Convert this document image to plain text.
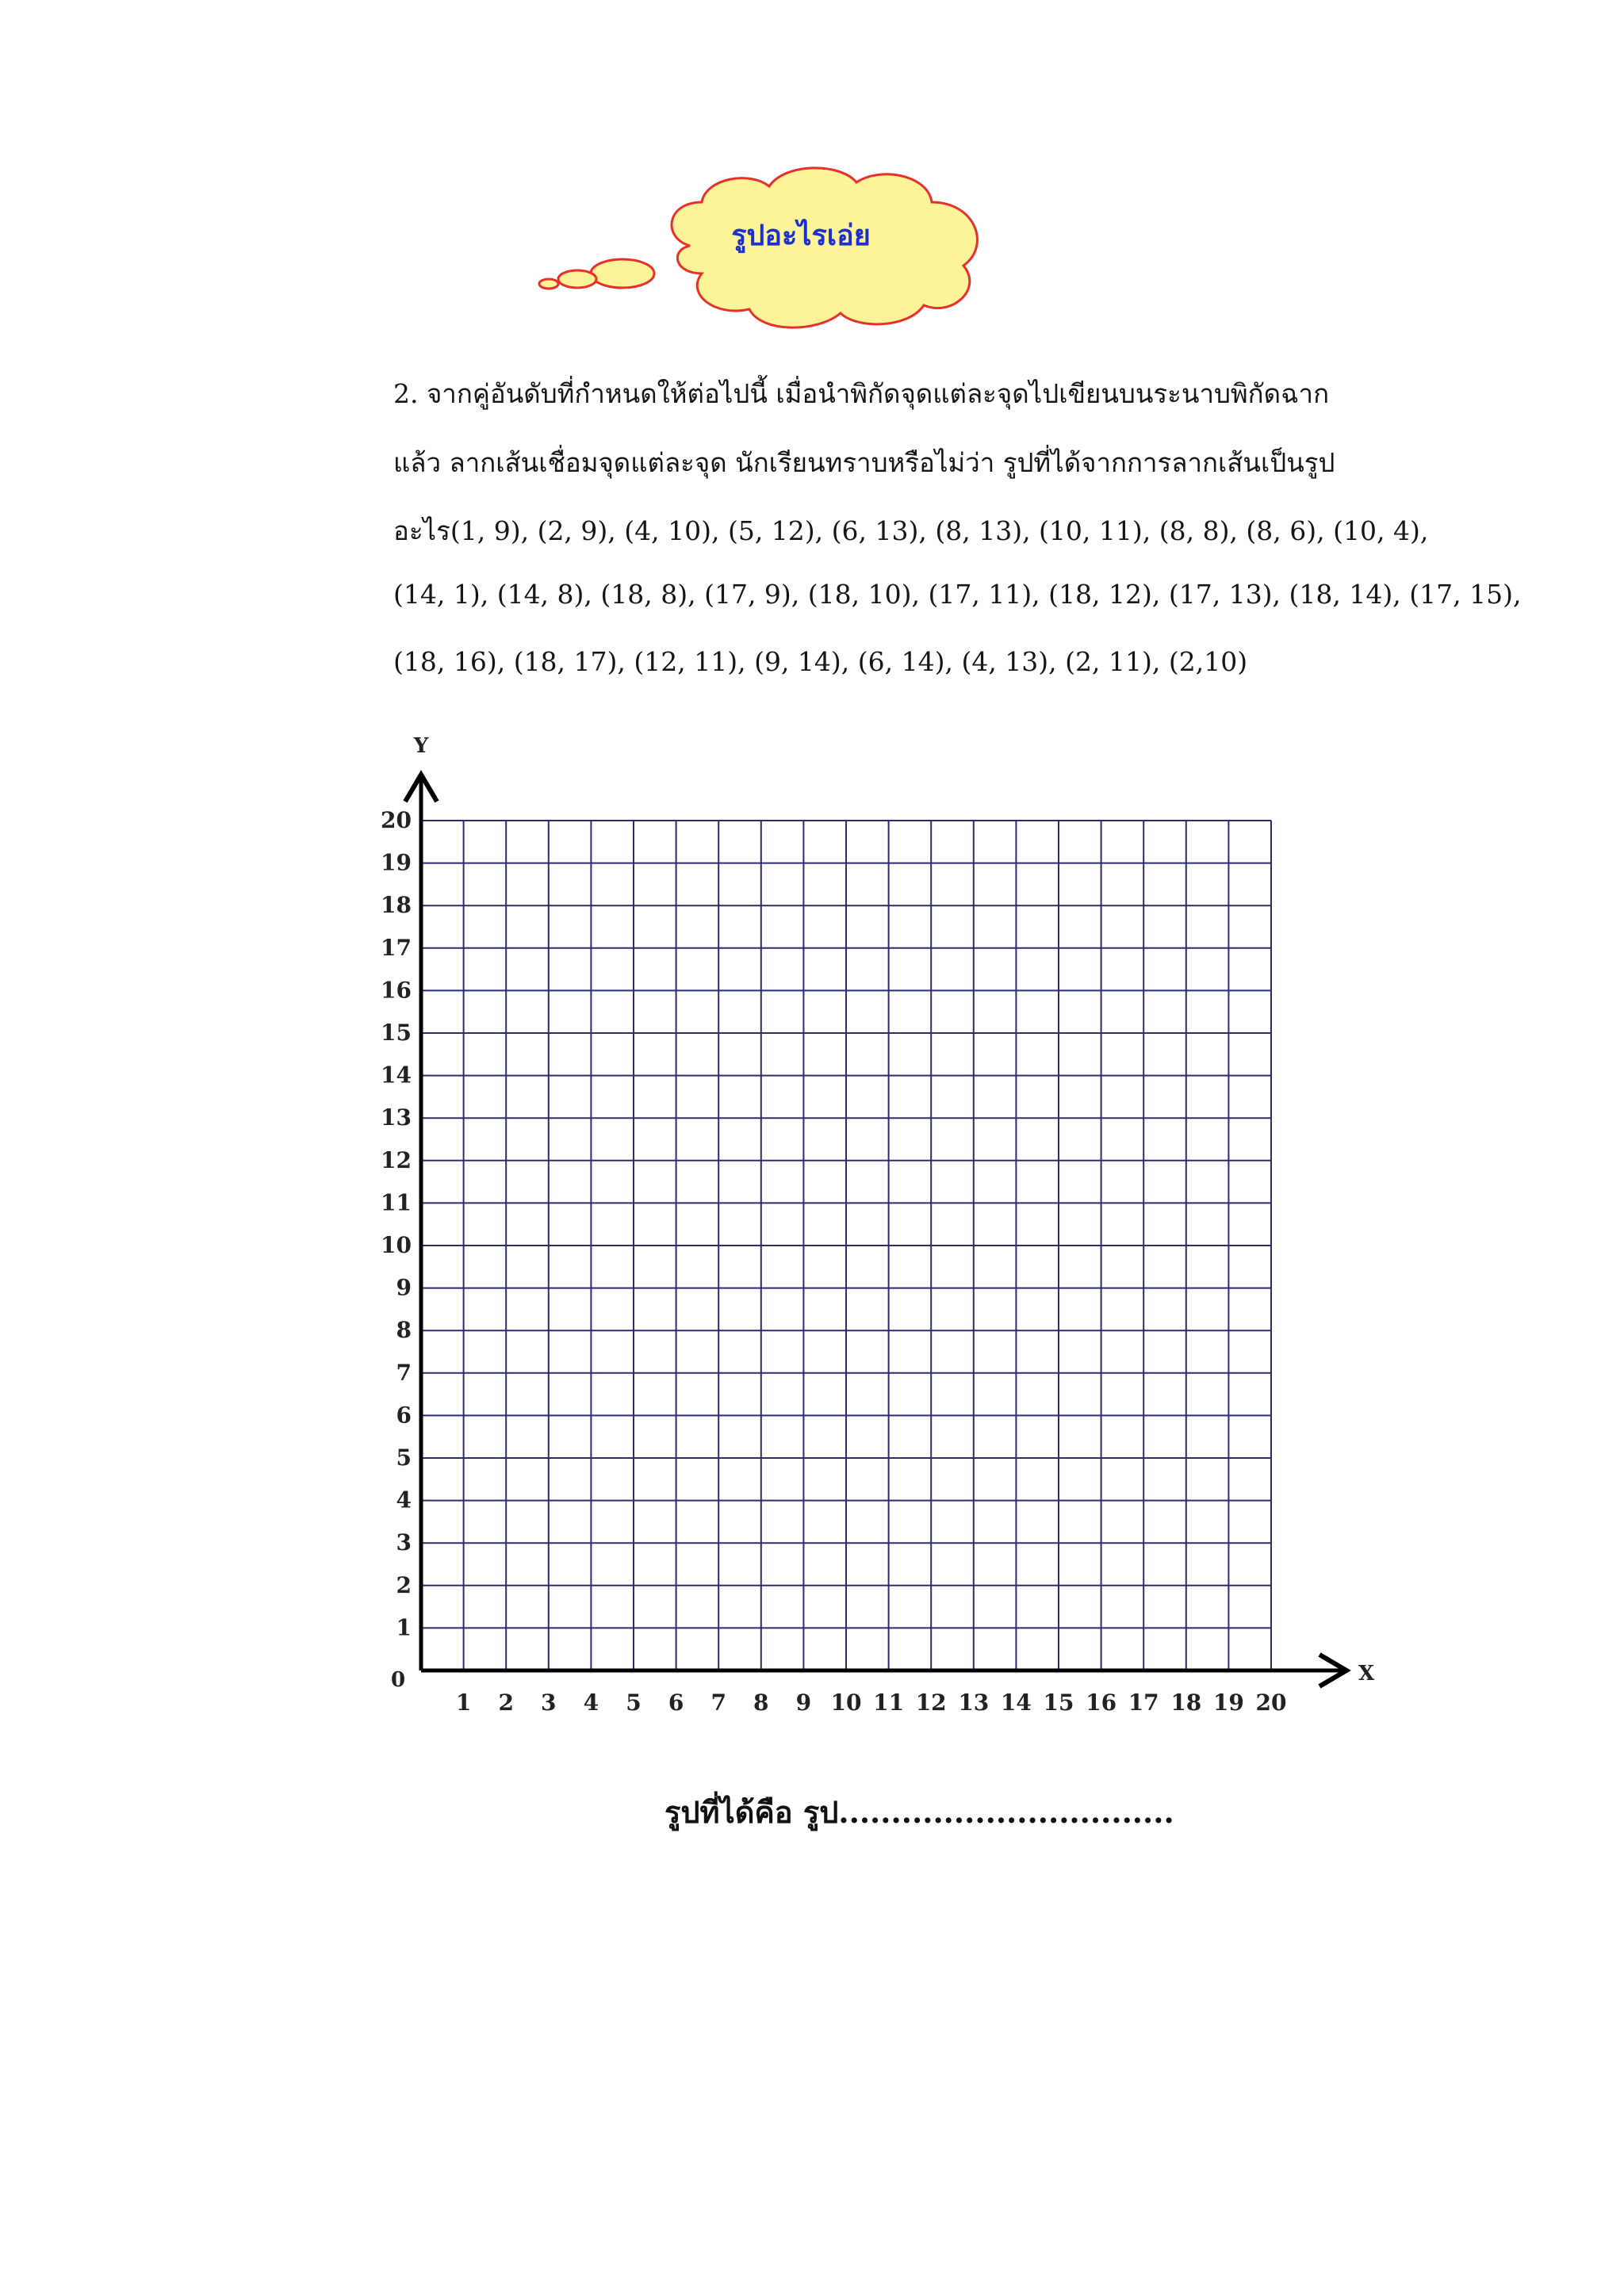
รูปอะไรเอ่ย
2. จากคู่อันดับที่กำหนดให้ต่อไปนี้ เมื่อนำพิกัดจุดแต่ละจุดไปเขียนบนระนาบพิกัดฉาก
แล้ว ลากเส้นเชื่อมจุดแต่ละจุด นักเรียนทราบหรือไม่ว่า รูปที่ได้จากการลากเส้นเป็นรูป
อะไร(1, 9), (2, 9), (4, 10), (5, 12), (6, 13), (8, 13), (10, 11), (8, 8), (8, 6), (10, 4),
(14, 1), (14, 8), (18, 8), (17, 9), (18, 10), (17, 11), (18, 12), (17, 13), (18, 14), (17, 15),
(18, 16), (18, 17), (12, 11), (9, 14), (6, 14), (4, 13), (2, 11), (2,10)
X
Y
0
1 2 3 4 5 6 7 8 9 10 11 12 13 14 15 16 17 18 19 20
1
2
3
4
5
6
7
8
9
10
11
12
13
14
15
16
17
18
19
20
รูปที่ได้คือ รูป................................
